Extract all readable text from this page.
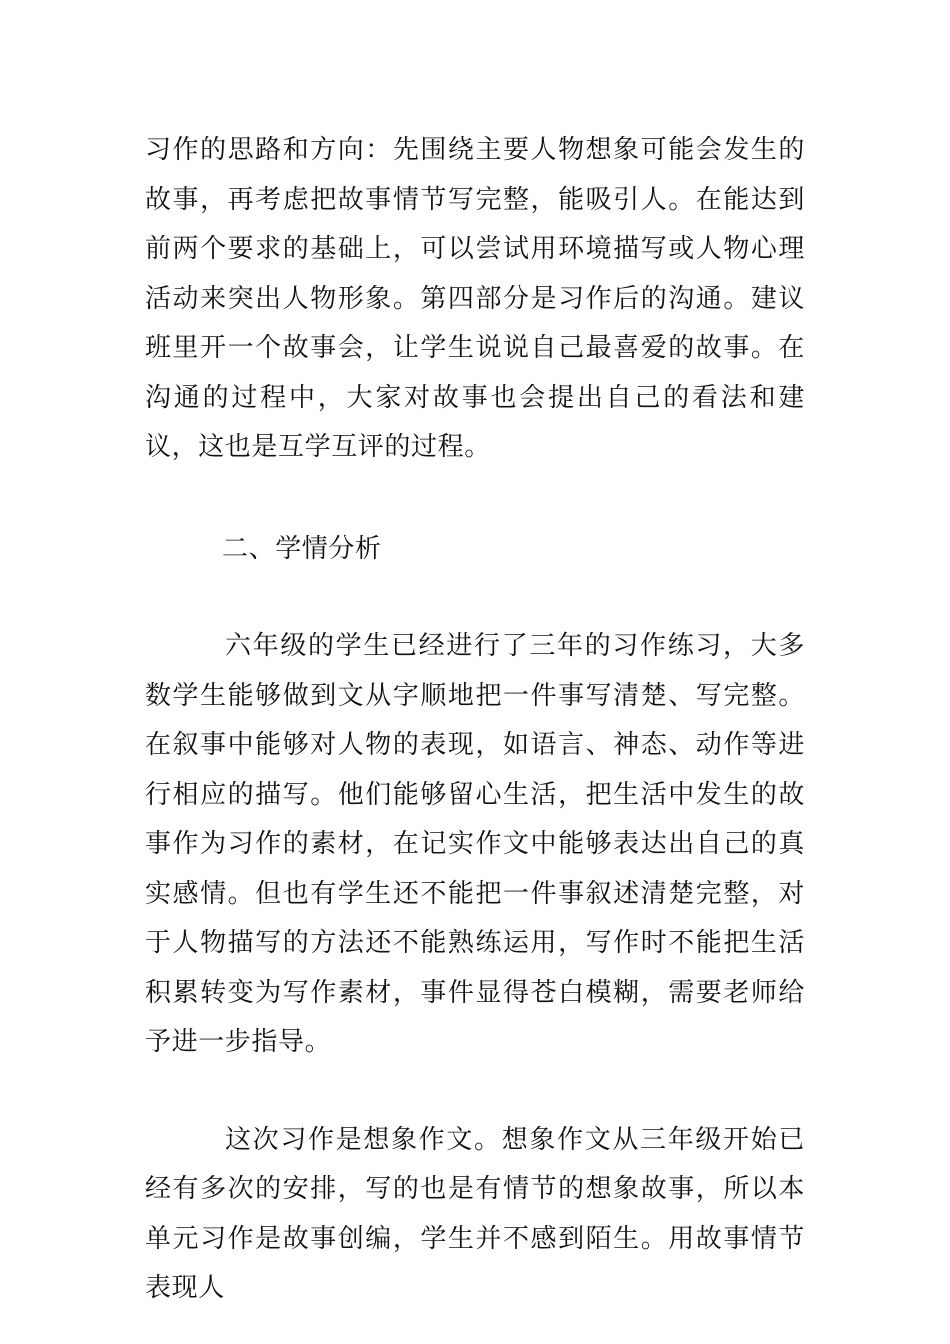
习作的思路和方向：先围绕主要人物想象可能会发生的故事，再考虑把故事情节写完整，能吸引人。在能达到前两个要求的基础上，可以尝试用环境描写或人物心理活动来突出人物形象。第四部分是习作后的沟通。建议班里开一个故事会，让学生说说自己最喜爱的故事。在沟通的过程中，大家对故事也会提出自己的看法和建议，这也是互学互评的过程。

二、学情分析

六年级的学生已经进行了三年的习作练习，大多数学生能够做到文从字顺地把一件事写清楚、写完整。在叙事中能够对人物的表现，如语言、神态、动作等进行相应的描写。他们能够留心生活，把生活中发生的故事作为习作的素材，在记实作文中能够表达出自己的真实感情。但也有学生还不能把一件事叙述清楚完整，对于人物描写的方法还不能熟练运用，写作时不能把生活积累转变为写作素材，事件显得苍白模糊，需要老师给予进一步指导。

这次习作是想象作文。想象作文从三年级开始已经有多次的安排，写的也是有情节的想象故事，所以本单元习作是故事创编，学生并不感到陌生。用故事情节表现人
